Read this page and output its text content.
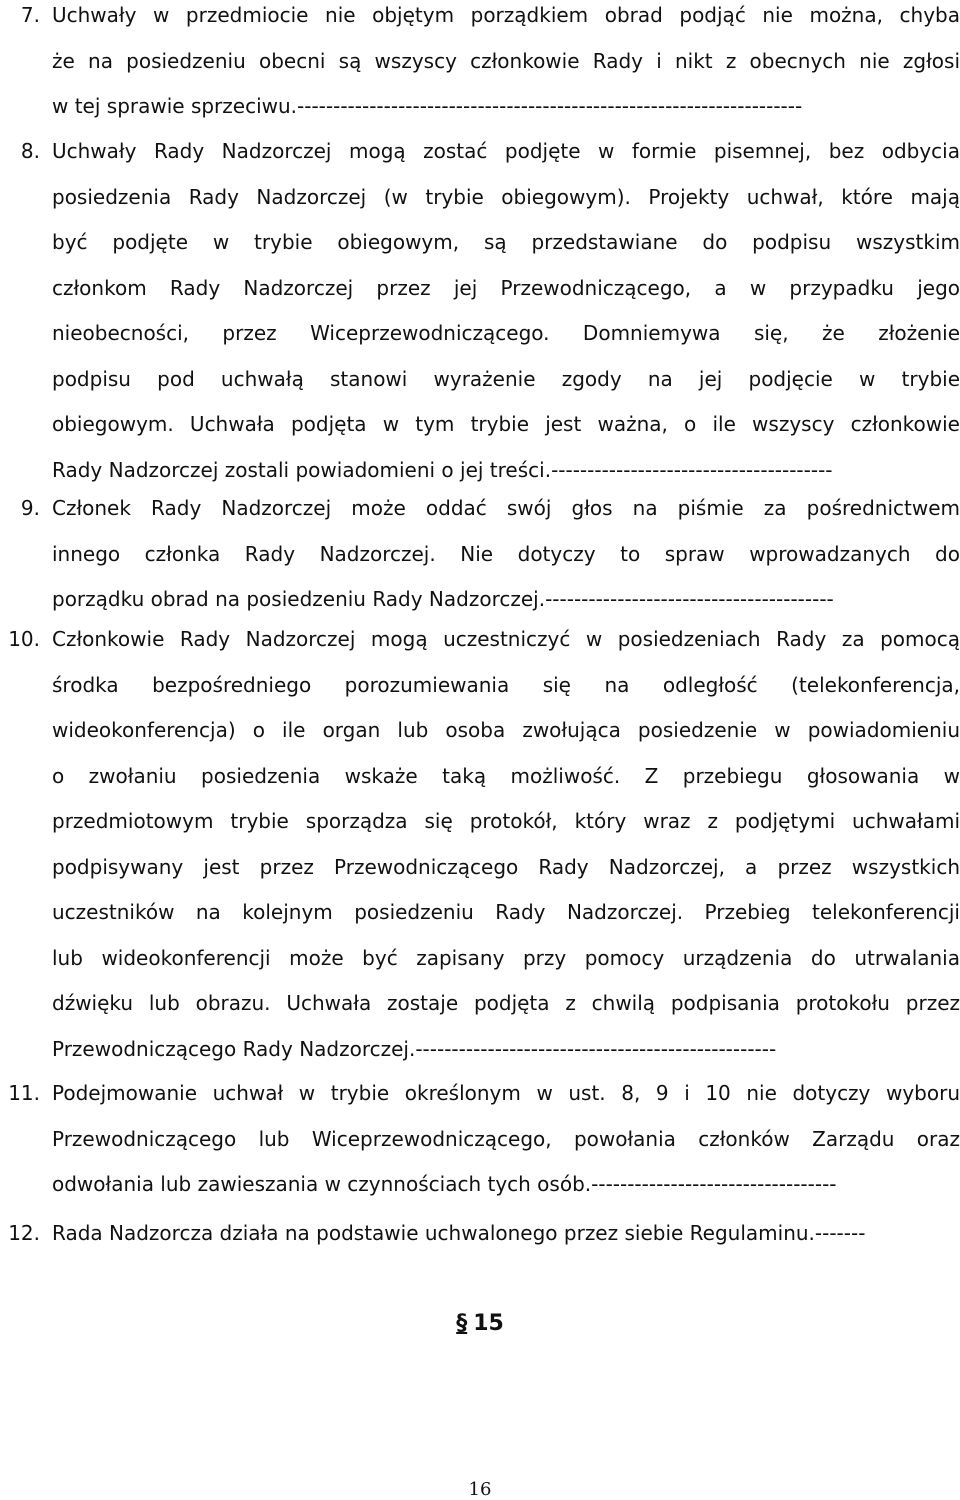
7. Uchwały w przedmiocie nie objętym porządkiem obrad podjąć nie można, chyba
że na posiedzeniu obecni są wszyscy członkowie Rady i nikt z obecnych nie zgłosi
w tej sprawie sprzeciwu.----------------------------------------------------------------------
8. Uchwały Rady Nadzorczej mogą zostać podjęte w formie pisemnej, bez odbycia
posiedzenia Rady Nadzorczej (w trybie obiegowym). Projekty uchwał, które mają
być podjęte w trybie obiegowym, są przedstawiane do podpisu wszystkim
członkom Rady Nadzorczej przez jej Przewodniczącego, a w przypadku jego
nieobecności, przez Wiceprzewodniczącego. Domniemywa się, że złożenie
podpisu pod uchwałą stanowi wyrażenie zgody na jej podjęcie w trybie
obiegowym. Uchwała podjęta w tym trybie jest ważna, o ile wszyscy członkowie
Rady Nadzorczej zostali powiadomieni o jej treści.---------------------------------------
9. Członek Rady Nadzorczej może oddać swój głos na piśmie za pośrednictwem
innego członka Rady Nadzorczej. Nie dotyczy to spraw wprowadzanych do
porządku obrad na posiedzeniu Rady Nadzorczej.----------------------------------------
10. Członkowie Rady Nadzorczej mogą uczestniczyć w posiedzeniach Rady za pomocą
środka bezpośredniego porozumiewania się na odległość (telekonferencja,
wideokonferencja) o ile organ lub osoba zwołująca posiedzenie w powiadomieniu
o zwołaniu posiedzenia wskaże taką możliwość. Z przebiegu głosowania w
przedmiotowym trybie sporządza się protokół, który wraz z podjętymi uchwałami
podpisywany jest przez Przewodniczącego Rady Nadzorczej, a przez wszystkich
uczestników na kolejnym posiedzeniu Rady Nadzorczej. Przebieg telekonferencji
lub wideokonferencji może być zapisany przy pomocy urządzenia do utrwalania
dźwięku lub obrazu. Uchwała zostaje podjęta z chwilą podpisania protokołu przez
Przewodniczącego Rady Nadzorczej.--------------------------------------------------
11. Podejmowanie uchwał w trybie określonym w ust. 8, 9 i 10 nie dotyczy wyboru
Przewodniczącego lub Wiceprzewodniczącego, powołania członków Zarządu oraz
odwołania lub zawieszania w czynnościach tych osób.----------------------------------
12. Rada Nadzorcza działa na podstawie uchwalonego przez siebie Regulaminu.-------
§ 15
16
